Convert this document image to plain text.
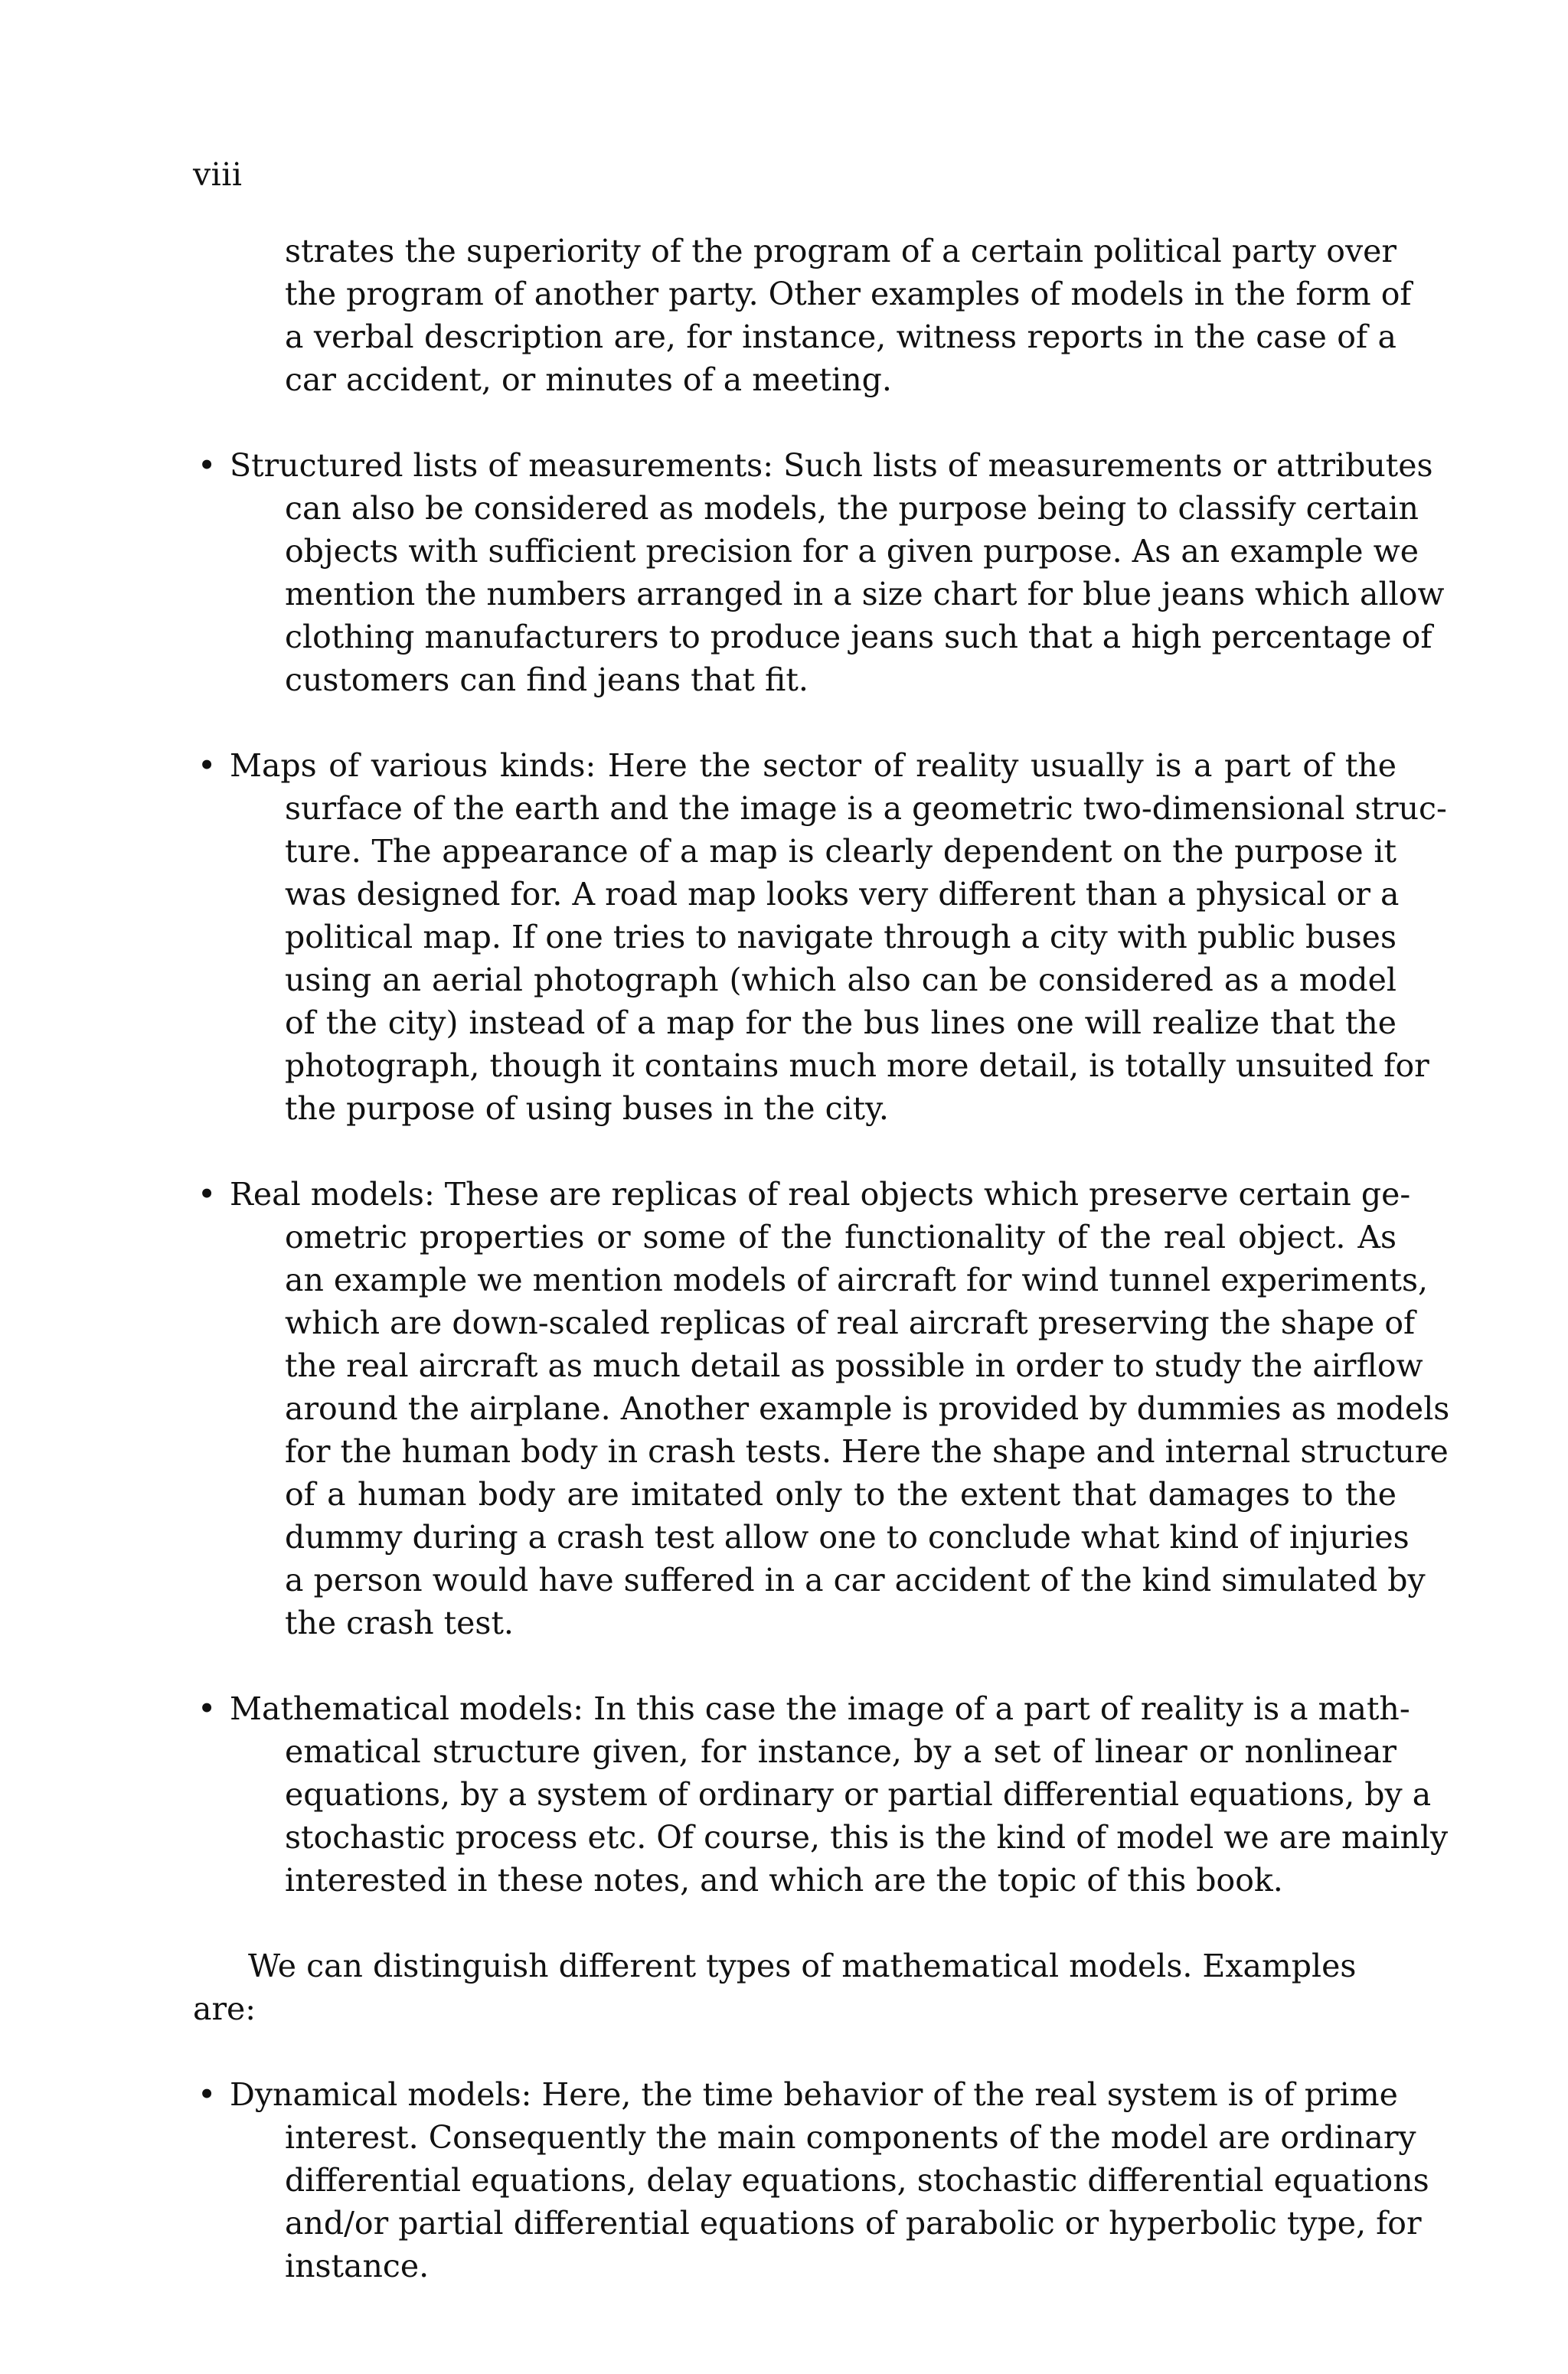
viii
strates the superiority of the program of a certain political party over
the program of another party. Other examples of models in the form of
a verbal description are, for instance, witness reports in the case of a
car accident, or minutes of a meeting.
• Structured lists of measurements: Such lists of measurements or attributes
can also be considered as models, the purpose being to classify certain
objects with sufficient precision for a given purpose. As an example we
mention the numbers arranged in a size chart for blue jeans which allow
clothing manufacturers to produce jeans such that a high percentage of
customers can find jeans that fit.
• Maps of various kinds: Here the sector of reality usually is a part of the
surface of the earth and the image is a geometric two-dimensional struc-
ture. The appearance of a map is clearly dependent on the purpose it
was designed for. A road map looks very different than a physical or a
political map. If one tries to navigate through a city with public buses
using an aerial photograph (which also can be considered as a model
of the city) instead of a map for the bus lines one will realize that the
photograph, though it contains much more detail, is totally unsuited for
the purpose of using buses in the city.
• Real models: These are replicas of real objects which preserve certain ge-
ometric properties or some of the functionality of the real object. As
an example we mention models of aircraft for wind tunnel experiments,
which are down-scaled replicas of real aircraft preserving the shape of
the real aircraft as much detail as possible in order to study the airflow
around the airplane. Another example is provided by dummies as models
for the human body in crash tests. Here the shape and internal structure
of a human body are imitated only to the extent that damages to the
dummy during a crash test allow one to conclude what kind of injuries
a person would have suffered in a car accident of the kind simulated by
the crash test.
• Mathematical models: In this case the image of a part of reality is a math-
ematical structure given, for instance, by a set of linear or nonlinear
equations, by a system of ordinary or partial differential equations, by a
stochastic process etc. Of course, this is the kind of model we are mainly
interested in these notes, and which are the topic of this book.
We can distinguish different types of mathematical models. Examples are:
• Dynamical models: Here, the time behavior of the real system is of prime
interest. Consequently the main components of the model are ordinary
differential equations, delay equations, stochastic differential equations
and/or partial differential equations of parabolic or hyperbolic type, for
instance.
